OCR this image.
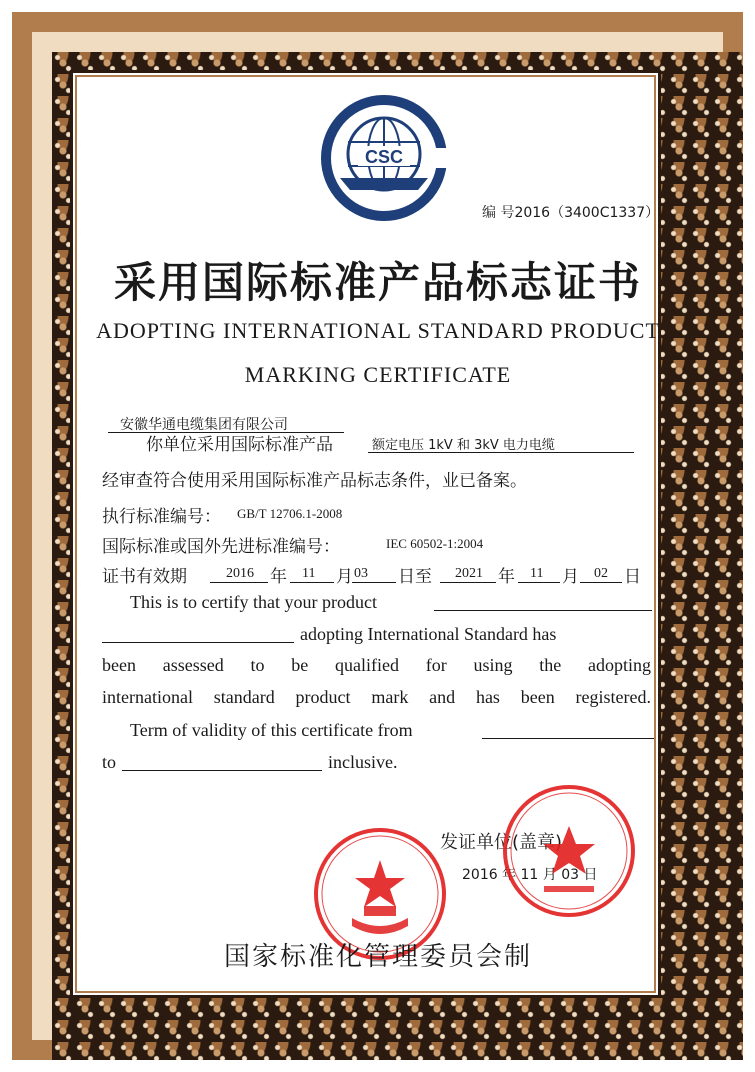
CSC
编 号2016（3400C1337）
采用国际标准产品标志证书
ADOPTING INTERNATIONAL STANDARD PRODUCT
MARKING CERTIFICATE
安徽华通电缆集团有限公司
你单位采用国际标准产品	额定电压 1kV 和 3kV 电力电缆
经审查符合使用采用国际标准产品标志条件，业已备案。
执行标准编号： GB/T 12706.1-2008
国际标准或国外先进标准编号：	IEC 60502-1:2004
证书有效期	2016 年 11 月 03 日至 2021 年 11 月 02 日
This is to certify that your product
adopting International Standard has
been assessed to be qualified for using the adopting
international standard product mark and has been registered.
Term of validity of this certificate from
to	inclusive.
发证单位(盖章)
2016 年 11 月 03 日
国家标准化管理委员会制
